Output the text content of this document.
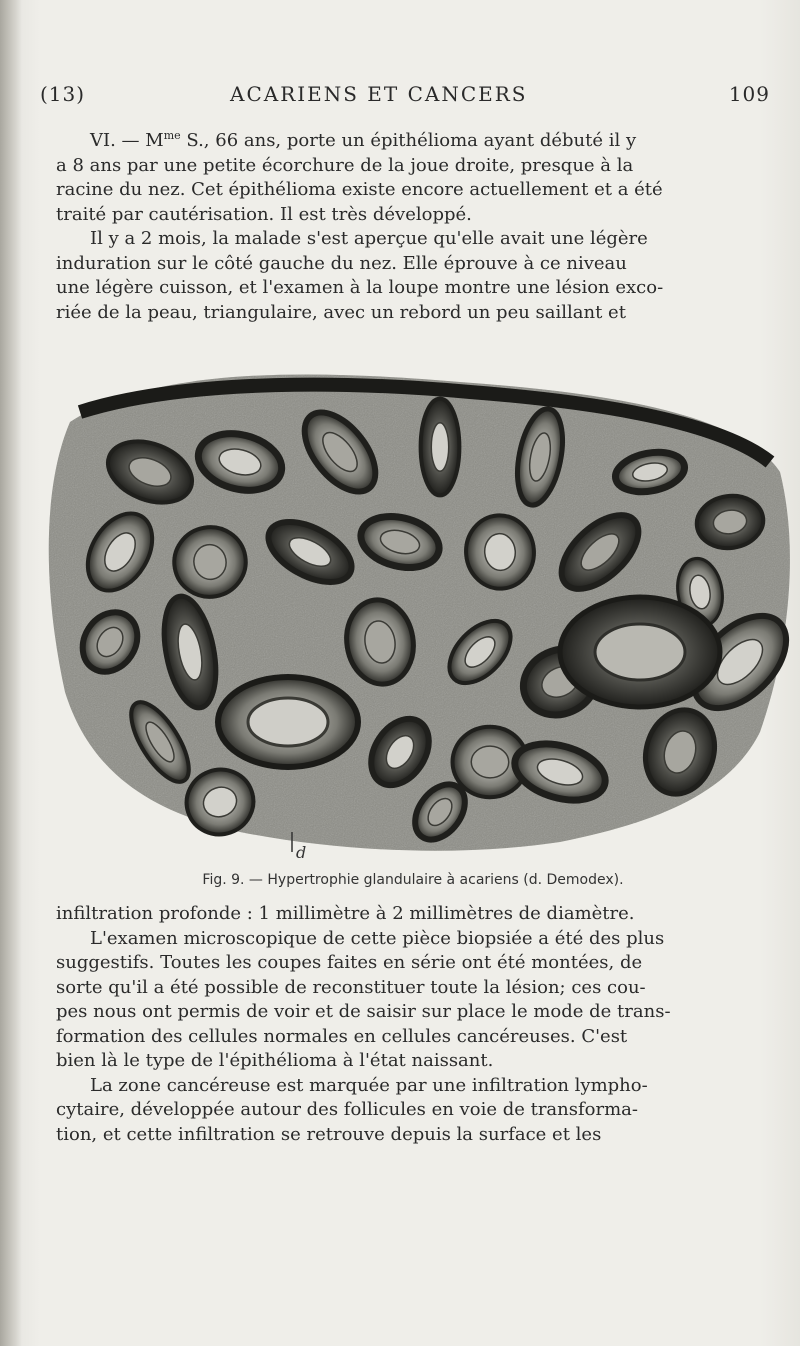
(13)	ACARIENS ET CANCERS	109
VI. — $M^{me}$ S., 66 ans, porte un épithélioma ayant débuté il y
a 8 ans par une petite écorchure de la joue droite, presque à la
racine du nez. Cet épithélioma existe encore actuellement et a été
traité par cautérisation. Il est très développé.
Il y a 2 mois, la malade s'est aperçue qu'elle avait une légère
induration sur le côté gauche du nez. Elle éprouve à ce niveau
une légère cuisson, et l'examen à la loupe montre une lésion exco-
riée de la peau, triangulaire, avec un rebord un peu saillant et
d
Fig. 9. — Hypertrophie glandulaire à acariens (d. Demodex).
infiltration profonde : 1 millimètre à 2 millimètres de diamètre.
L'examen microscopique de cette pièce biopsiée a été des plus
suggestifs. Toutes les coupes faites en série ont été montées, de
sorte qu'il a été possible de reconstituer toute la lésion; ces cou-
pes nous ont permis de voir et de saisir sur place le mode de trans-
formation des cellules normales en cellules cancéreuses. C'est
bien là le type de l'épithélioma à l'état naissant.
La zone cancéreuse est marquée par une infiltration lympho-
cytaire, développée autour des follicules en voie de transforma-
tion, et cette infiltration se retrouve depuis la surface et les
